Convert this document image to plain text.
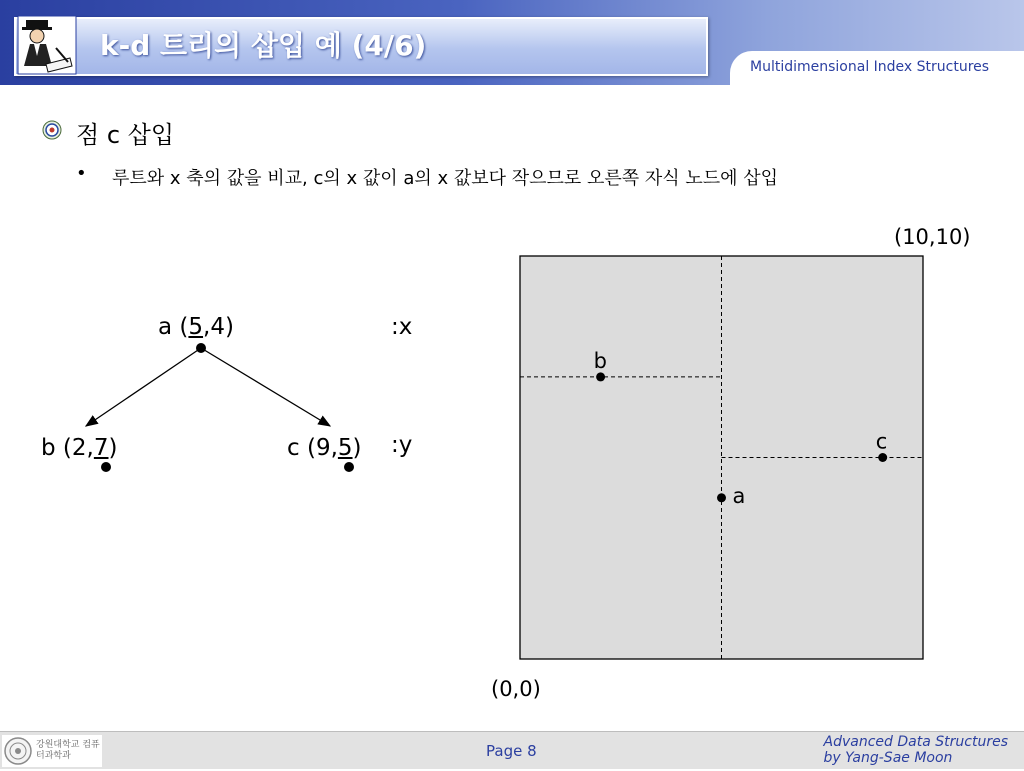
k-d 트리의 삽입 예 (4/6)
Multidimensional Index Structures
점 c 삽입
• 루트와 x 축의 값을 비교, c의 x 값이 a의 x 값보다 작으므로 오른쪽 자식 노드에 삽입
a (5,4)
b (2,7)	c (9,5)
:x
:y
(10,10)
(0,0)
a
b
c
강원대학교 컴퓨터과학과	Page 8	Advanced Data Structures
by Yang-Sae Moon
